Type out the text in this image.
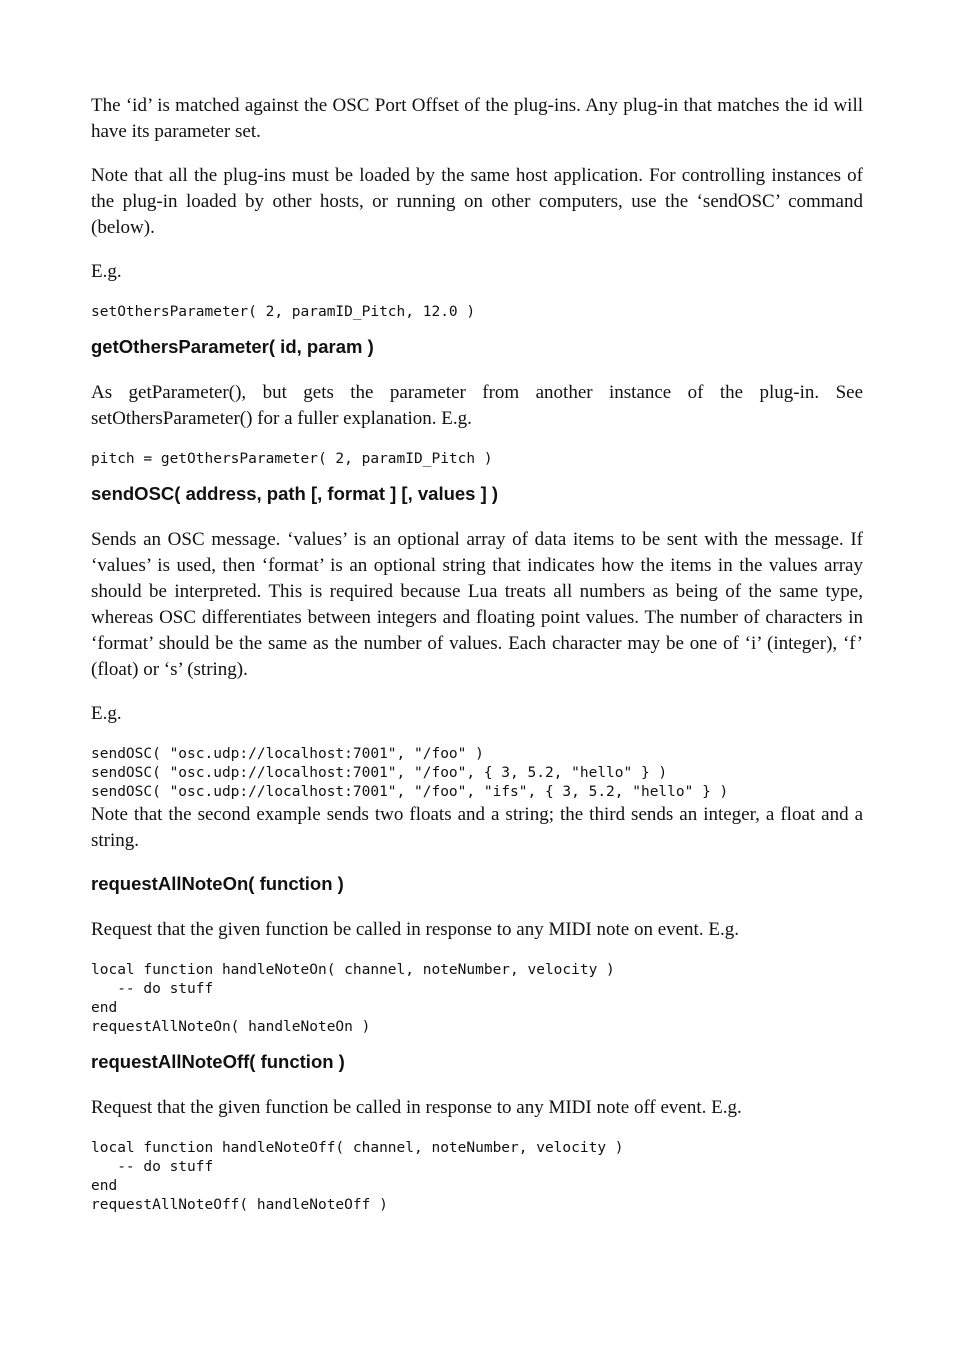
The ‘id’ is matched against the OSC Port Offset of the plug-ins. Any plug-in that matches the id will have its parameter set.

Note that all the plug-ins must be loaded by the same host application. For controlling instances of the plug-in loaded by other hosts, or running on other computers, use the ‘sendOSC’ command (below).

E.g.

setOthersParameter( 2, paramID_Pitch, 12.0 )
getOthersParameter( id, param )

As getParameter(), but gets the parameter from another instance of the plug-in. See setOthersParameter() for a fuller explanation. E.g.

pitch = getOthersParameter( 2, paramID_Pitch )
sendOSC( address, path [, format ] [, values ] )

Sends an OSC message. ‘values’ is an optional array of data items to be sent with the message. If ‘values’ is used, then ‘format’ is an optional string that indicates how the items in the values array should be interpreted. This is required because Lua treats all numbers as being of the same type, whereas OSC differentiates between integers and floating point values. The number of characters in ‘format’ should be the same as the number of values. Each character may be one of ‘i’ (integer), ‘f’ (float) or ‘s’ (string).

E.g.

sendOSC( "osc.udp://localhost:7001", "/foo" )
sendOSC( "osc.udp://localhost:7001", "/foo", { 3, 5.2, "hello" } )
sendOSC( "osc.udp://localhost:7001", "/foo", "ifs", { 3, 5.2, "hello" } )

Note that the second example sends two floats and a string; the third sends an integer, a float and a string.

requestAllNoteOn( function )

Request that the given function be called in response to any MIDI note on event. E.g.

local function handleNoteOn( channel, noteNumber, velocity )
-- do stuff
end
requestAllNoteOn( handleNoteOn )
requestAllNoteOff( function )

Request that the given function be called in response to any MIDI note off event. E.g.

local function handleNoteOff( channel, noteNumber, velocity )
-- do stuff
end
requestAllNoteOff( handleNoteOff )
